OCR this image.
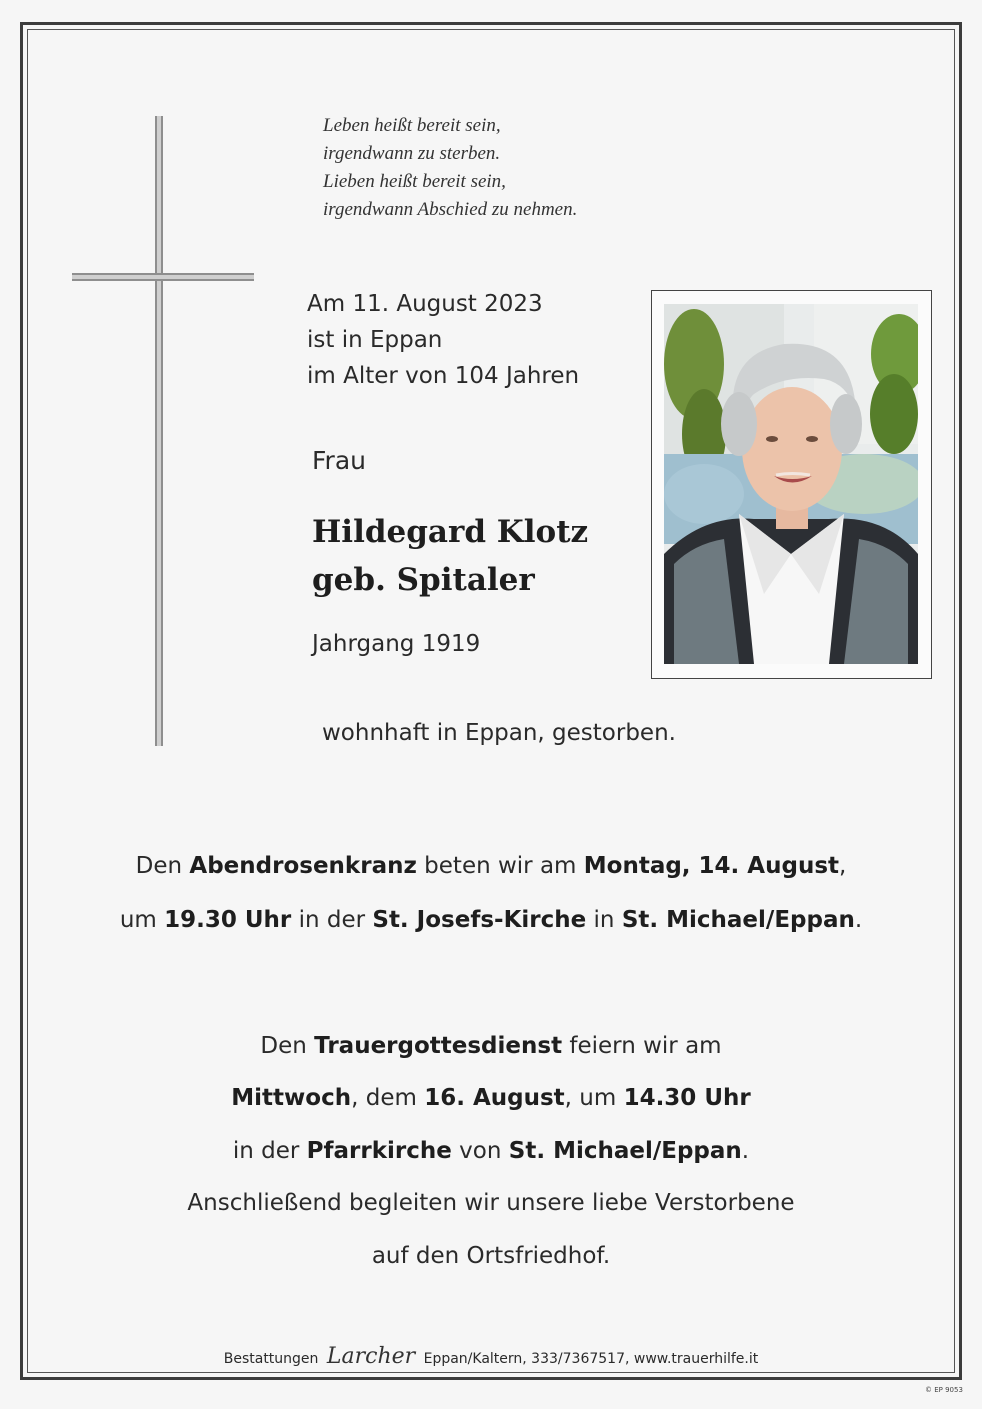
Leben heißt bereit sein,
irgendwann zu sterben.
Lieben heißt bereit sein,
irgendwann Abschied zu nehmen.
Am 11. August 2023
ist in Eppan
im Alter von 104 Jahren
Frau
Hildegard Klotz
geb. Spitaler
Jahrgang 1919
wohnhaft in Eppan, gestorben.
Den Abendrosenkranz beten wir am Montag, 14. August,
um 19.30 Uhr in der St. Josefs-Kirche in St. Michael/Eppan.
Den Trauergottesdienst feiern wir am
Mittwoch, dem 16. August, um 14.30 Uhr
in der Pfarrkirche von St. Michael/Eppan.
Anschließend begleiten wir unsere liebe Verstorbene
auf den Ortsfriedhof.
Bestattungen Larcher Eppan/Kaltern, 333/7367517, www.trauerhilfe.it
© EP 9053
